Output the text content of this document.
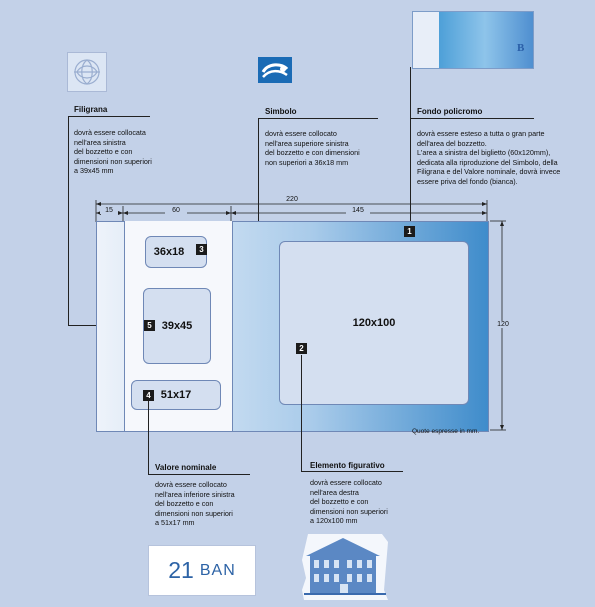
Filigrana
dovrà essere collocata
nell'area sinistra
del bozzetto e con
dimensioni non superiori
a 39x45 mm
Simbolo
dovrà essere collocato
nell'area superiore sinistra
del bozzetto e con dimensioni
non superiori a 36x18 mm
B
Fondo policromo
dovrà essere esteso a tutta o gran parte
dell'area del bozzetto.
L'area a sinistra del biglietto (60x120mm),
dedicata alla riproduzione del Simbolo, della
Filigrana e del Valore nominale, dovrà invece
essere priva del fondo (bianca).
220
15	60	145
120
36x18
39x45
51x17
120x100
3
5
4
2
1
Quote espresse in mm.
Valore nominale
dovrà essere collocato
nell'area inferiore sinistra
del bozzetto e con
dimensioni non superiori
a 51x17 mm
21 BAN
Elemento figurativo
dovrà essere collocato
nell'area destra
del bozzetto e con
dimensioni non superiori
a 120x100 mm
